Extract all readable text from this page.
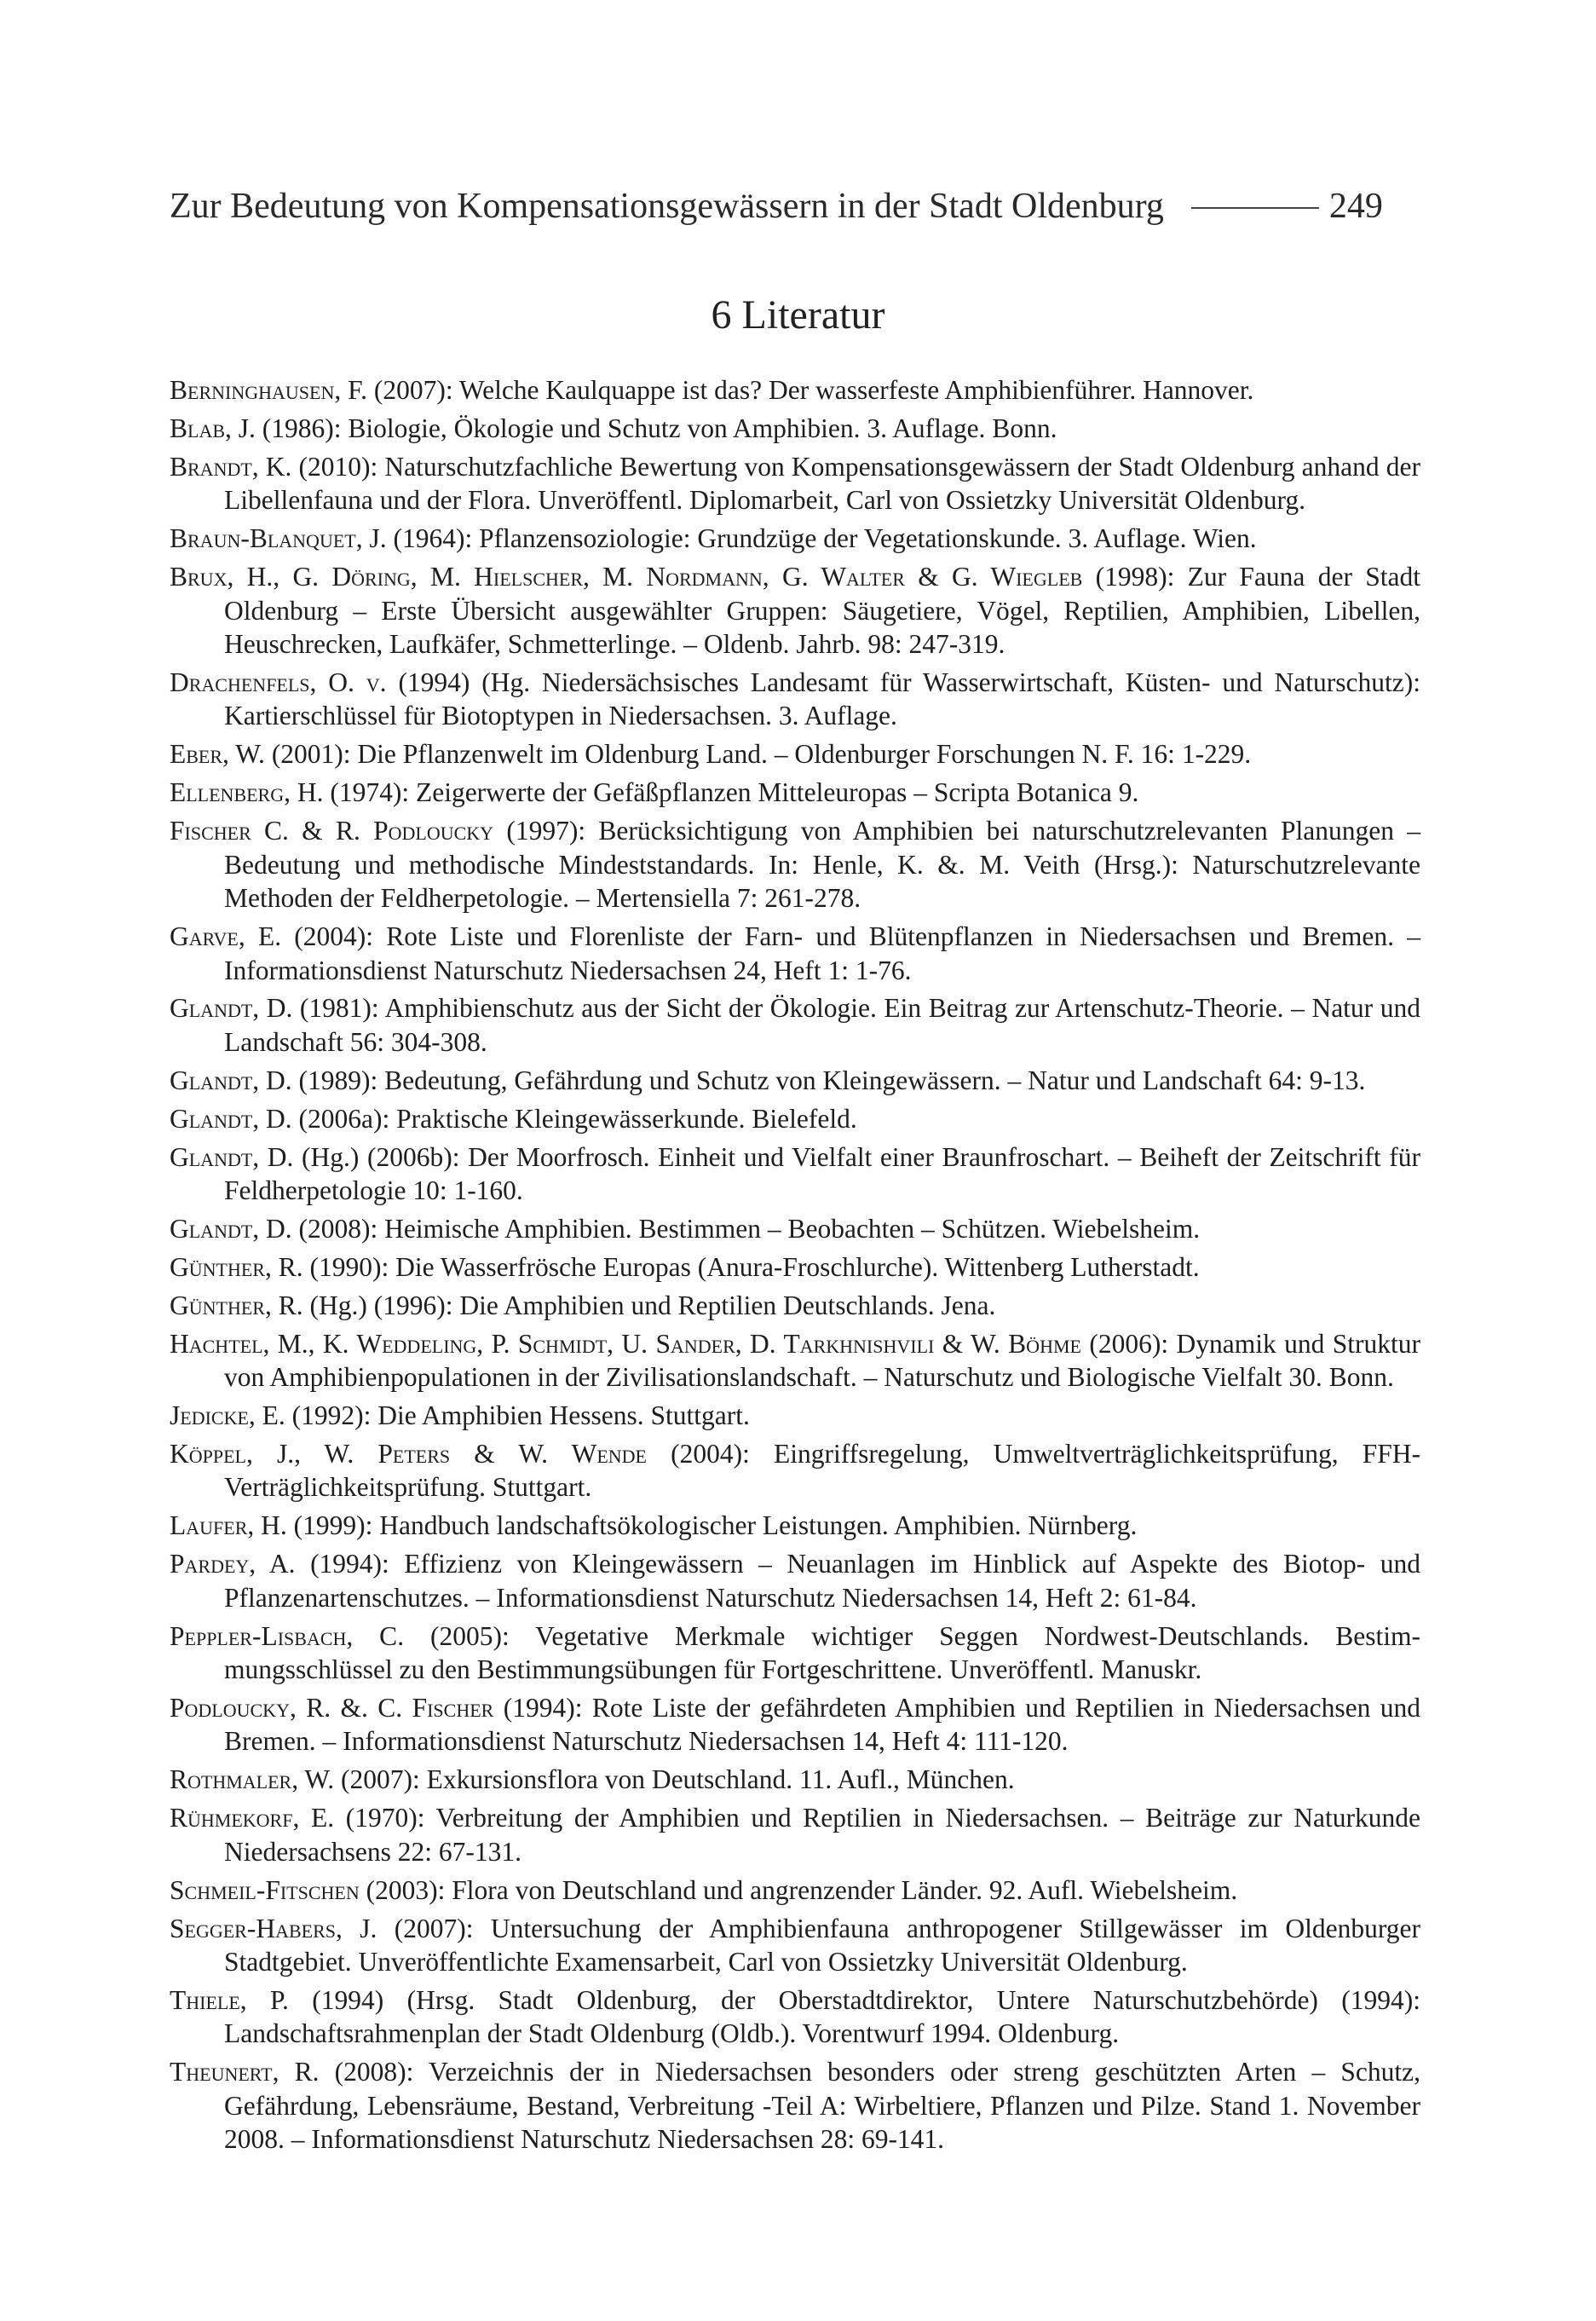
Zur Bedeutung von Kompensationsgewässern in der Stadt Oldenburg	249
6 Literatur

Berninghausen, F. (2007): Welche Kaulquappe ist das? Der wasserfeste Amphibienführer. Hannover.

Blab, J. (1986): Biologie, Ökologie und Schutz von Amphibien. 3. Auflage. Bonn.

Brandt, K. (2010): Naturschutzfachliche Bewertung von Kompensationsgewässern der Stadt Oldenburg anhand der Libellenfauna und der Flora. Unveröffentl. Diplomarbeit, Carl von Ossietzky Universität Oldenburg.

Braun-Blanquet, J. (1964): Pflanzensoziologie: Grundzüge der Vegetationskunde. 3. Auflage. Wien.

Brux, H., G. Döring, M. Hielscher, M. Nordmann, G. Walter & G. Wiegleb (1998): Zur Fauna der Stadt Oldenburg – Erste Übersicht ausgewählter Gruppen: Säugetiere, Vögel, Reptilien, Amphibien, Libellen, Heuschrecken, Laufkäfer, Schmetterlinge. – Oldenb. Jahrb. 98: 247-319.

Drachenfels, O. v. (1994) (Hg. Niedersächsisches Landesamt für Wasserwirtschaft, Küsten- und Naturschutz): Kartierschlüssel für Biotoptypen in Niedersachsen. 3. Auflage.

Eber, W. (2001): Die Pflanzenwelt im Oldenburg Land. – Oldenburger Forschungen N. F. 16: 1-229.

Ellenberg, H. (1974): Zeigerwerte der Gefäßpflanzen Mitteleuropas – Scripta Botanica 9.

Fischer C. & R. Podloucky (1997): Berücksichtigung von Amphibien bei naturschutzrelevanten Planungen – Bedeutung und methodische Mindeststandards. In: Henle, K. &. M. Veith (Hrsg.): Naturschutzrelevante Methoden der Feldherpetologie. – Mertensiella 7: 261-278.

Garve, E. (2004): Rote Liste und Florenliste der Farn- und Blütenpflanzen in Niedersachsen und Bremen. – Informationsdienst Naturschutz Niedersachsen 24, Heft 1: 1-76.

Glandt, D. (1981): Amphibienschutz aus der Sicht der Ökologie. Ein Beitrag zur Artenschutz-Theorie. – Natur und Landschaft 56: 304-308.

Glandt, D. (1989): Bedeutung, Gefährdung und Schutz von Kleingewässern. – Natur und Landschaft 64: 9-13.

Glandt, D. (2006a): Praktische Kleingewässerkunde. Bielefeld.

Glandt, D. (Hg.) (2006b): Der Moorfrosch. Einheit und Vielfalt einer Braunfroschart. – Beiheft der Zeitschrift für Feldherpetologie 10: 1-160.

Glandt, D. (2008): Heimische Amphibien. Bestimmen – Beobachten – Schützen. Wiebelsheim.

Günther, R. (1990): Die Wasserfrösche Europas (Anura-Froschlurche). Wittenberg Lutherstadt.

Günther, R. (Hg.) (1996): Die Amphibien und Reptilien Deutschlands. Jena.

Hachtel, M., K. Weddeling, P. Schmidt, U. Sander, D. Tarkhnishvili & W. Böhme (2006): Dynamik und Struktur von Amphibienpopulationen in der Zivilisationslandschaft. – Naturschutz und Biologische Vielfalt 30. Bonn.

Jedicke, E. (1992): Die Amphibien Hessens. Stuttgart.

Köppel, J., W. Peters & W. Wende (2004): Eingriffsregelung, Umweltverträglichkeitsprüfung, FFH-Verträglichkeitsprüfung. Stuttgart.

Laufer, H. (1999): Handbuch landschaftsökologischer Leistungen. Amphibien. Nürnberg.

Pardey, A. (1994): Effizienz von Kleingewässern – Neuanlagen im Hinblick auf Aspekte des Biotop- und Pflanzenartenschutzes. – Informationsdienst Naturschutz Niedersachsen 14, Heft 2: 61-84.

Peppler-Lisbach, C. (2005): Vegetative Merkmale wichtiger Seggen Nordwest-Deutschlands. Bestimmungsschlüssel zu den Bestimmungsübungen für Fortgeschrittene. Unveröffentl. Manuskr.

Podloucky, R. &. C. Fischer (1994): Rote Liste der gefährdeten Amphibien und Reptilien in Niedersachsen und Bremen. – Informationsdienst Naturschutz Niedersachsen 14, Heft 4: 111-120.

Rothmaler, W. (2007): Exkursionsflora von Deutschland. 11. Aufl., München.

Rühmekorf, E. (1970): Verbreitung der Amphibien und Reptilien in Niedersachsen. – Beiträge zur Naturkunde Niedersachsens 22: 67-131.

Schmeil-Fitschen (2003): Flora von Deutschland und angrenzender Länder. 92. Aufl. Wiebelsheim.

Segger-Habers, J. (2007): Untersuchung der Amphibienfauna anthropogener Stillgewässer im Oldenburger Stadtgebiet. Unveröffentlichte Examensarbeit, Carl von Ossietzky Universität Oldenburg.

Thiele, P. (1994) (Hrsg. Stadt Oldenburg, der Oberstadtdirektor, Untere Naturschutzbehörde) (1994): Landschaftsrahmenplan der Stadt Oldenburg (Oldb.). Vorentwurf 1994. Oldenburg.

Theunert, R. (2008): Verzeichnis der in Niedersachsen besonders oder streng geschützten Arten – Schutz, Gefährdung, Lebensräume, Bestand, Verbreitung -Teil A: Wirbeltiere, Pflanzen und Pilze. Stand 1. November 2008. – Informationsdienst Naturschutz Niedersachsen 28: 69-141.
